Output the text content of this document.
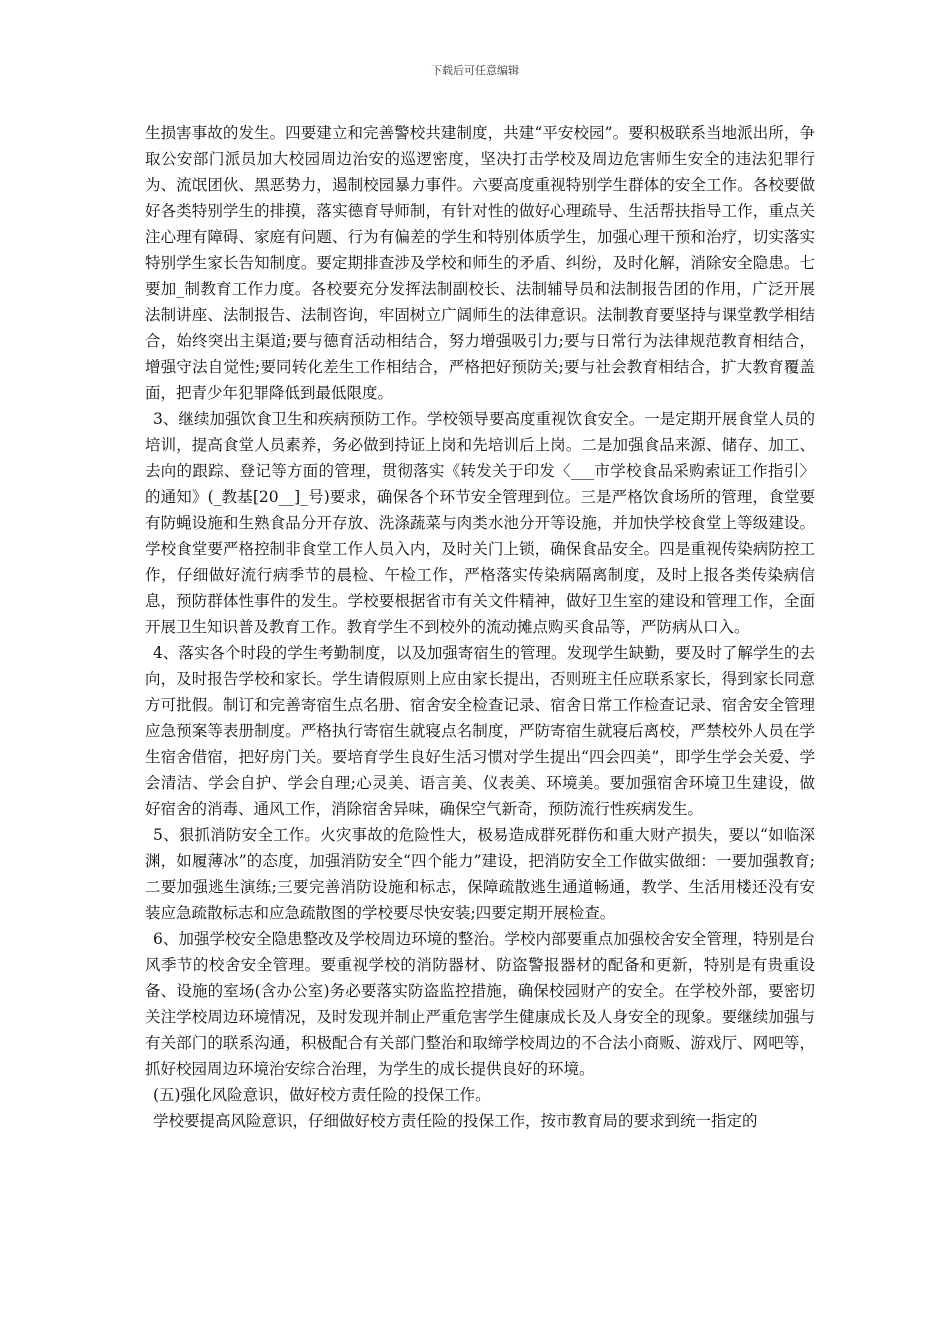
下载后可任意编辑

生损害事故的发生。四要建立和完善警校共建制度，共建“平安校园”。要积极联系当地派出所，争取公安部门派员加大校园周边治安的巡逻密度，坚决打击学校及周边危害师生安全的违法犯罪行为、流氓团伙、黑恶势力，遏制校园暴力事件。六要高度重视特别学生群体的安全工作。各校要做好各类特别学生的排摸，落实德育导师制，有针对性的做好心理疏导、生活帮扶指导工作，重点关注心理有障碍、家庭有问题、行为有偏差的学生和特别体质学生，加强心理干预和治疗，切实落实特别学生家长告知制度。要定期排查涉及学校和师生的矛盾、纠纷，及时化解，消除安全隐患。七要加_制教育工作力度。各校要充分发挥法制副校长、法制辅导员和法制报告团的作用，广泛开展法制讲座、法制报告、法制咨询，牢固树立广阔师生的法律意识。法制教育要坚持与课堂教学相结合，始终突出主渠道;要与德育活动相结合，努力增强吸引力;要与日常行为法律规范教育相结合，增强守法自觉性;要同转化差生工作相结合，严格把好预防关;要与社会教育相结合，扩大教育覆盖面，把青少年犯罪降低到最低限度。

3、继续加强饮食卫生和疾病预防工作。学校领导要高度重视饮食安全。一是定期开展食堂人员的培训，提高食堂人员素养，务必做到持证上岗和先培训后上岗。二是加强食品来源、储存、加工、去向的跟踪、登记等方面的管理，贯彻落实《转发关于印发〈___市学校食品采购索证工作指引〉的通知》(_教基[20__]_号)要求，确保各个环节安全管理到位。三是严格饮食场所的管理，食堂要有防蝇设施和生熟食品分开存放、洗涤蔬菜与肉类水池分开等设施，并加快学校食堂上等级建设。学校食堂要严格控制非食堂工作人员入内，及时关门上锁，确保食品安全。四是重视传染病防控工作，仔细做好流行病季节的晨检、午检工作，严格落实传染病隔离制度，及时上报各类传染病信息，预防群体性事件的发生。学校要根据省市有关文件精神，做好卫生室的建设和管理工作，全面开展卫生知识普及教育工作。教育学生不到校外的流动摊点购买食品等，严防病从口入。

4、落实各个时段的学生考勤制度，以及加强寄宿生的管理。发现学生缺勤，要及时了解学生的去向，及时报告学校和家长。学生请假原则上应由家长提出，否则班主任应联系家长，得到家长同意方可批假。制订和完善寄宿生点名册、宿舍安全检查记录、宿舍日常工作检查记录、宿舍安全管理应急预案等表册制度。严格执行寄宿生就寝点名制度，严防寄宿生就寝后离校，严禁校外人员在学生宿舍借宿，把好房门关。要培育学生良好生活习惯对学生提出“四会四美”，即学生学会关爱、学会清洁、学会自护、学会自理;心灵美、语言美、仪表美、环境美。要加强宿舍环境卫生建设，做好宿舍的消毒、通风工作，消除宿舍异味，确保空气新奇，预防流行性疾病发生。

5、狠抓消防安全工作。火灾事故的危险性大，极易造成群死群伤和重大财产损失，要以“如临深渊，如履薄冰”的态度，加强消防安全“四个能力”建设，把消防安全工作做实做细：一要加强教育;二要加强逃生演练;三要完善消防设施和标志，保障疏散逃生通道畅通，教学、生活用楼还没有安装应急疏散标志和应急疏散图的学校要尽快安装;四要定期开展检查。

6、加强学校安全隐患整改及学校周边环境的整治。学校内部要重点加强校舍安全管理，特别是台风季节的校舍安全管理。要重视学校的消防器材、防盗警报器材的配备和更新，特别是有贵重设备、设施的室场(含办公室)务必要落实防盗监控措施，确保校园财产的安全。在学校外部，要密切关注学校周边环境情况，及时发现并制止严重危害学生健康成长及人身安全的现象。要继续加强与有关部门的联系沟通，积极配合有关部门整治和取缔学校周边的不合法小商贩、游戏厅、网吧等，抓好校园周边环境治安综合治理，为学生的成长提供良好的环境。

(五)强化风险意识，做好校方责任险的投保工作。

学校要提高风险意识，仔细做好校方责任险的投保工作，按市教育局的要求到统一指定的
